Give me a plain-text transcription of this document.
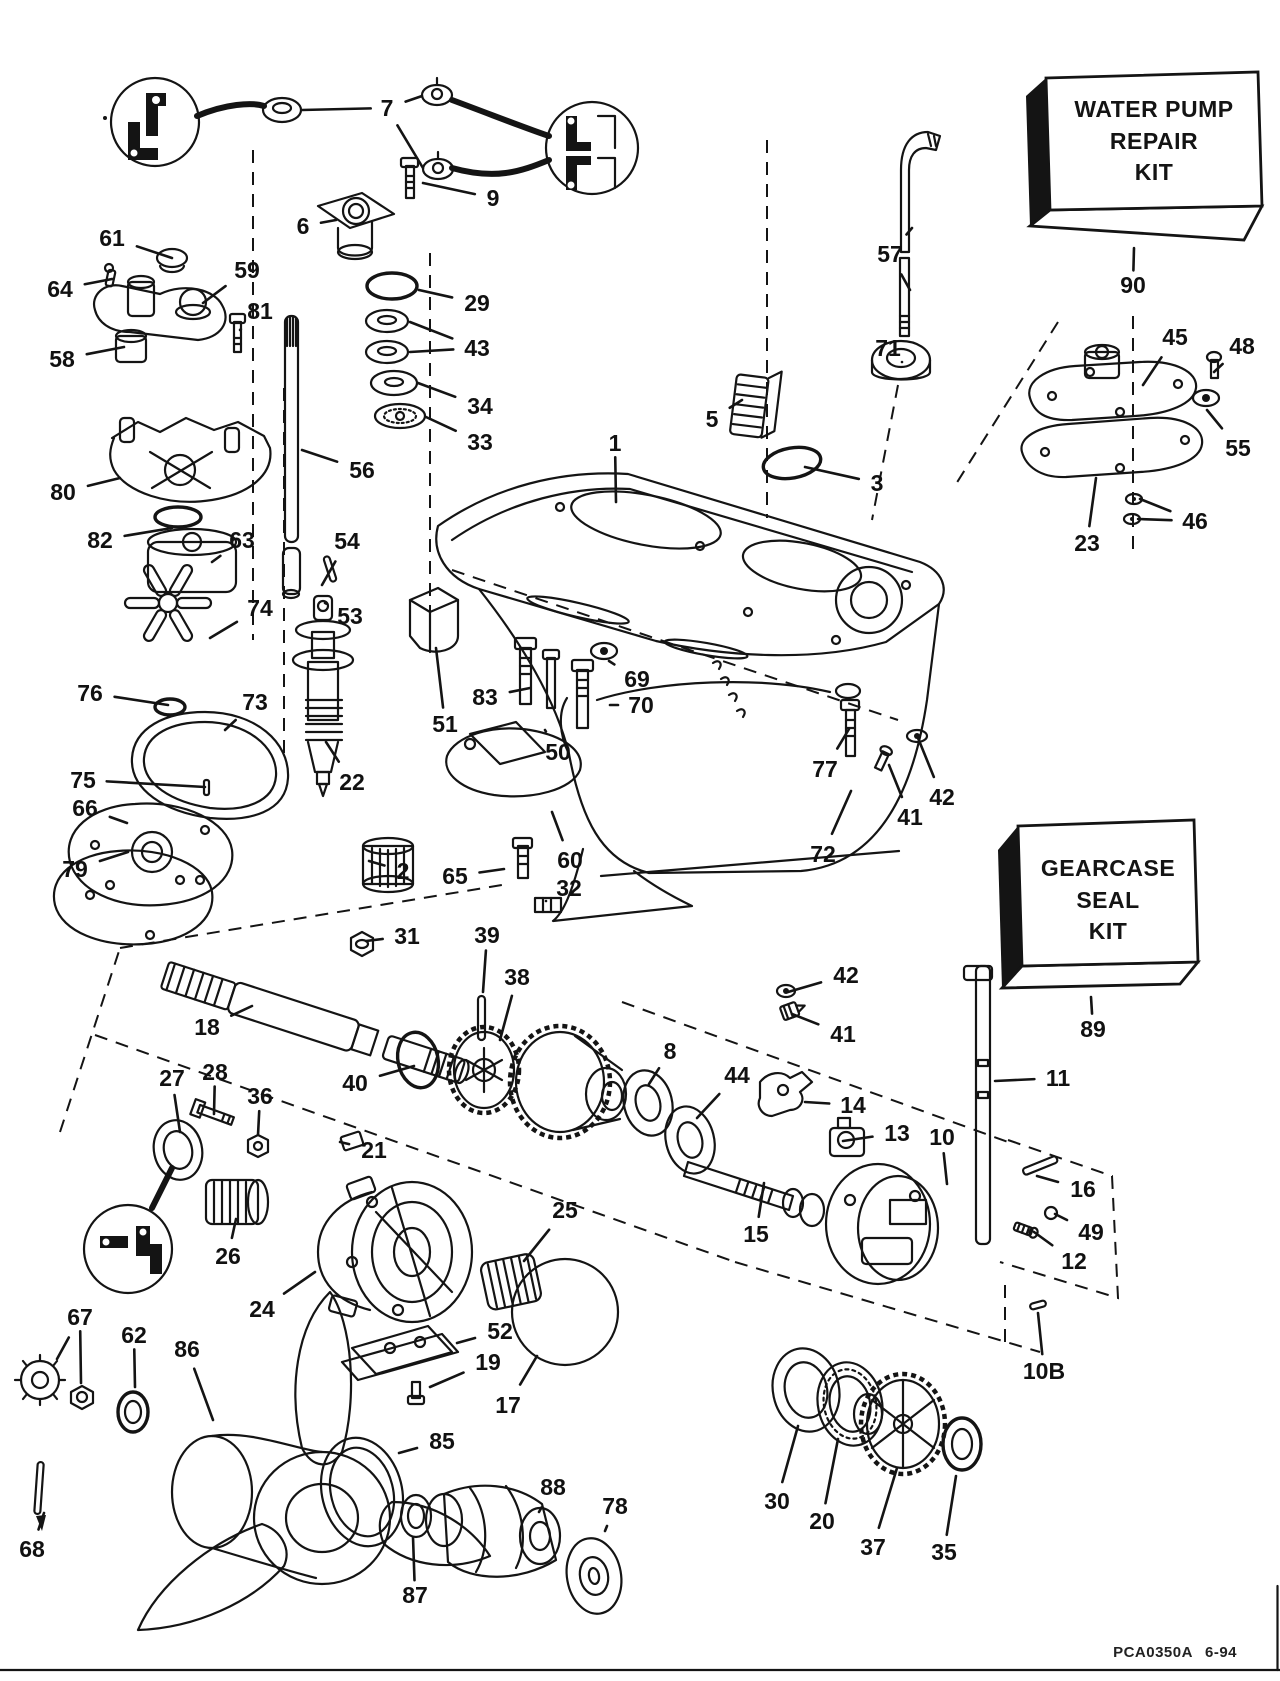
WATER PUMP
REPAIR
KIT
GEARCASE
SEAL
KIT
7
9
6
61
59
64
81
58
29
43
34
33	1
5
3
57
90
71	45 48
55
46
23
56
80
82	63	54
53
74
76	73
75
66
22
51
83
69
70
50
77
41
42
72
2 65
60
32
79
31 39
38
18
40
27 28
36
21
8
44
14
13 10
15
11
16
49
12
10B
42
41	89
26
24
67
62
86
68
25
52
19
17
85
88
78
87
30
20
37 35
PCA0350A 6-94
